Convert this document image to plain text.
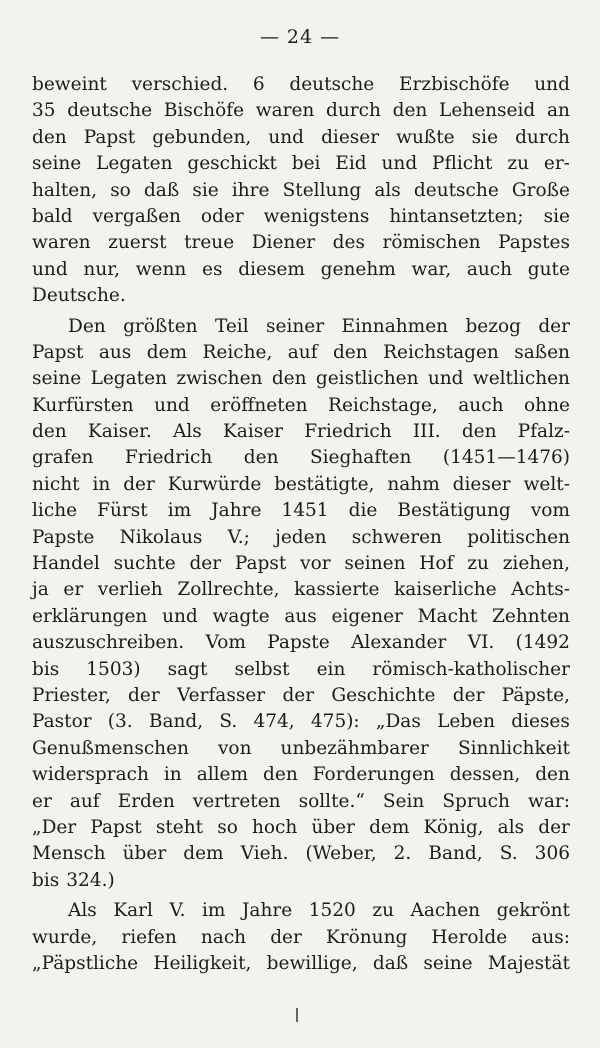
— 24 —
beweint verschied. 6 deutsche Erzbischöfe und
35 deutsche Bischöfe waren durch den Lehenseid an
den Papst gebunden, und dieser wußte sie durch
seine Legaten geschickt bei Eid und Pflicht zu er-
halten, so daß sie ihre Stellung als deutsche Große
bald vergaßen oder wenigstens hintansetzten; sie
waren zuerst treue Diener des römischen Papstes
und nur, wenn es diesem genehm war, auch gute
Deutsche.
Den größten Teil seiner Einnahmen bezog der
Papst aus dem Reiche, auf den Reichstagen saßen
seine Legaten zwischen den geistlichen und weltlichen
Kurfürsten und eröffneten Reichstage, auch ohne
den Kaiser. Als Kaiser Friedrich III. den Pfalz-
grafen Friedrich den Sieghaften (1451—1476)
nicht in der Kurwürde bestätigte, nahm dieser welt-
liche Fürst im Jahre 1451 die Bestätigung vom
Papste Nikolaus V.; jeden schweren politischen
Handel suchte der Papst vor seinen Hof zu ziehen,
ja er verlieh Zollrechte, kassierte kaiserliche Achts-
erklärungen und wagte aus eigener Macht Zehnten
auszuschreiben. Vom Papste Alexander VI. (1492
bis 1503) sagt selbst ein römisch-katholischer
Priester, der Verfasser der Geschichte der Päpste,
Pastor (3. Band, S. 474, 475): „Das Leben dieses
Genußmenschen von unbezähmbarer Sinnlichkeit
widersprach in allem den Forderungen dessen, den
er auf Erden vertreten sollte.“ Sein Spruch war:
„Der Papst steht so hoch über dem König, als der
Mensch über dem Vieh. (Weber, 2. Band, S. 306
bis 324.)
Als Karl V. im Jahre 1520 zu Aachen gekrönt
wurde, riefen nach der Krönung Herolde aus:
„Päpstliche Heiligkeit, bewillige, daß seine Majestät
